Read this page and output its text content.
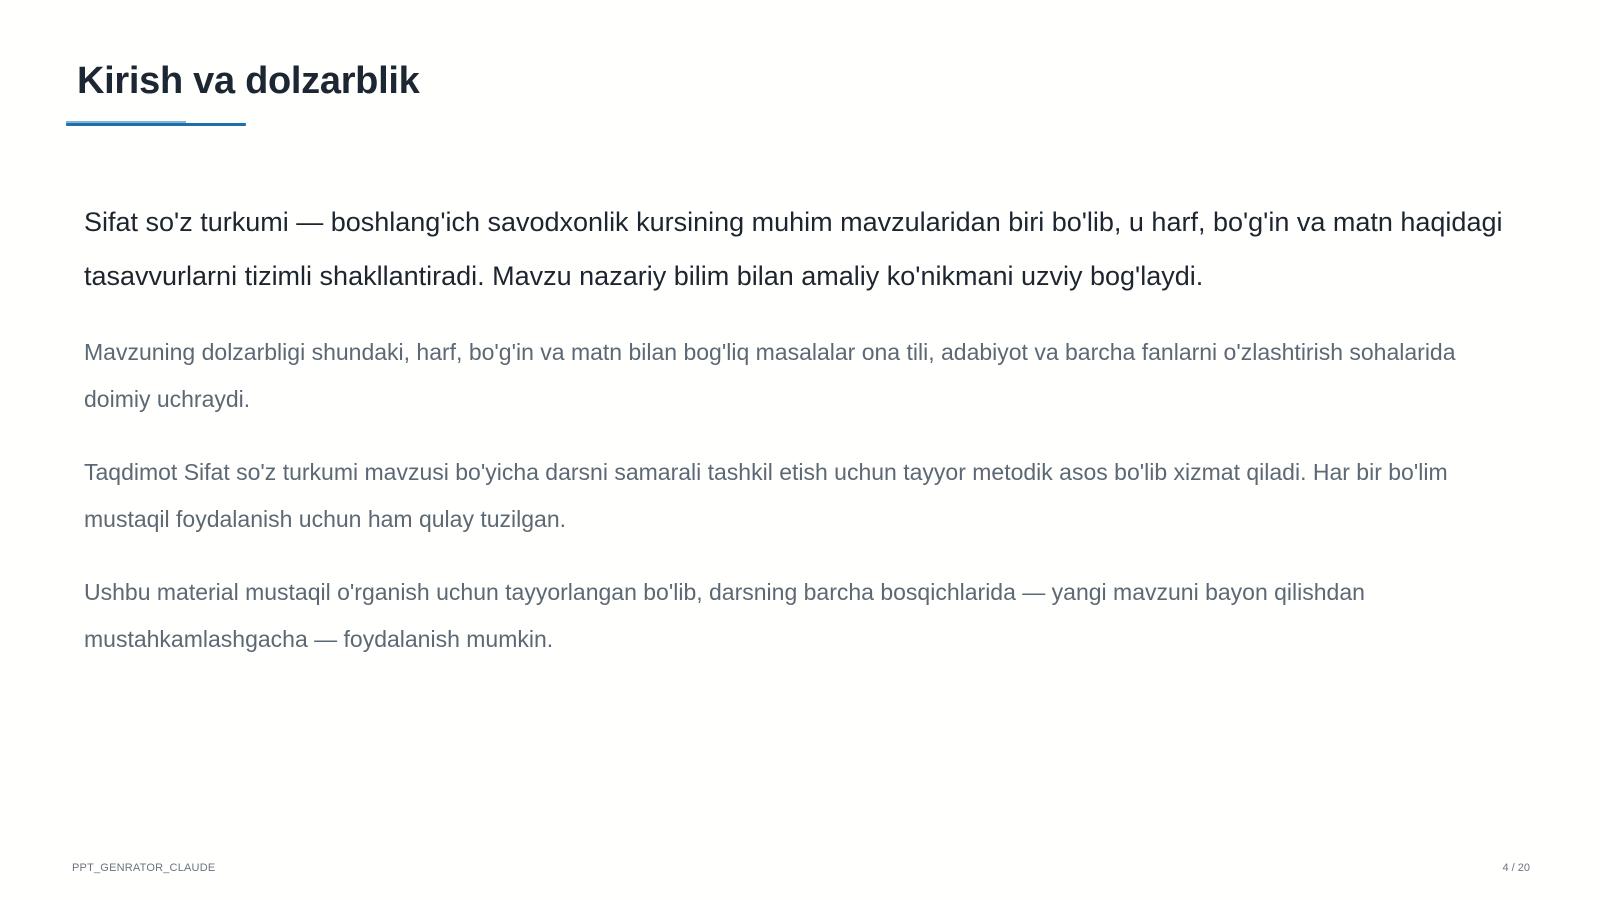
Kirish va dolzarblik

Sifat so'z turkumi — boshlang'ich savodxonlik kursining muhim mavzularidan biri bo'lib, u harf, bo'g'in va matn haqidagi tasavvurlarni tizimli shakllantiradi. Mavzu nazariy bilim bilan amaliy ko'nikmani uzviy bog'laydi.

Mavzuning dolzarbligi shundaki, harf, bo'g'in va matn bilan bog'liq masalalar ona tili, adabiyot va barcha fanlarni o'zlashtirish sohalarida doimiy uchraydi.

Taqdimot Sifat so'z turkumi mavzusi bo'yicha darsni samarali tashkil etish uchun tayyor metodik asos bo'lib xizmat qiladi. Har bir bo'lim mustaqil foydalanish uchun ham qulay tuzilgan.

Ushbu material mustaqil o'rganish uchun tayyorlangan bo'lib, darsning barcha bosqichlarida — yangi mavzuni bayon qilishdan mustahkamlashgacha — foydalanish mumkin.

PPT_GENRATOR_CLAUDE	4 / 20
